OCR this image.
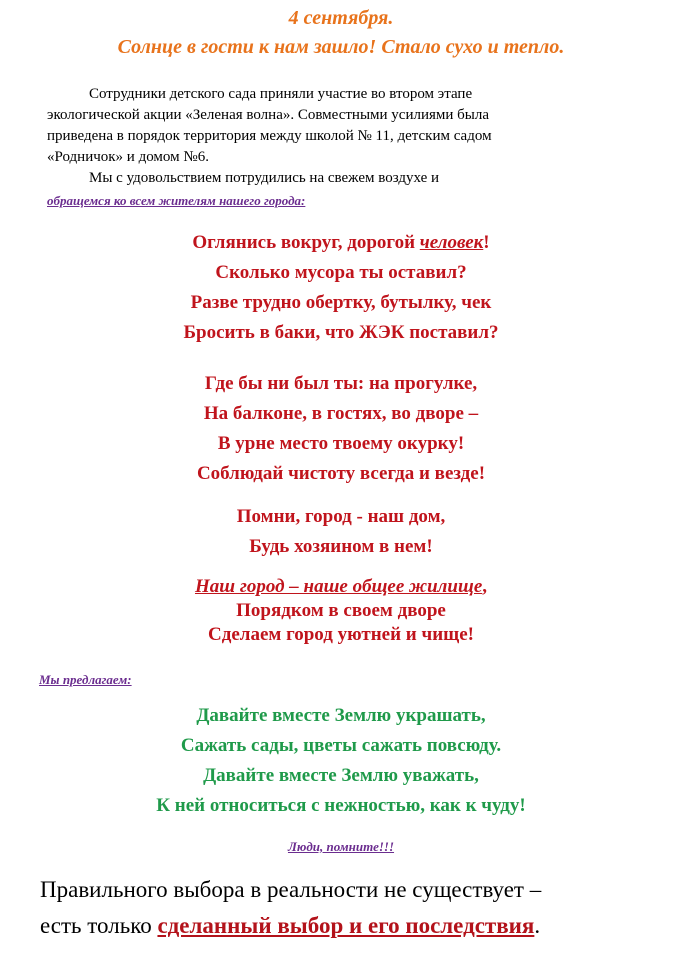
4 сентября.
Солнце в гости к нам зашло! Стало сухо и тепло.

Сотрудники детского сада приняли участие во втором этапе

экологической акции «Зеленая волна». Совместными усилиями была

приведена в порядок территория между школой № 11, детским садом

«Родничок» и домом №6.

Мы с удовольствием потрудились на свежем воздухе и

обращемся ко всем жителям нашего города:
Оглянись вокруг, дорогой человек!
Сколько мусора ты оставил?
Разве трудно обертку, бутылку, чек
Бросить в баки, что ЖЭК поставил?
Где бы ни был ты: на прогулке,
На балконе, в гостях, во дворе –
В урне место твоему окурку!
Соблюдай чистоту всегда и везде!
Помни, город - наш дом,
Будь хозяином в нем!
Наш город – наше общее жилище,
Порядком в своем дворе
Сделаем город уютней и чище!
Мы предлагаем:
Давайте вместе Землю украшать,
Сажать сады, цветы сажать повсюду.
Давайте вместе Землю уважать,
К ней относиться с нежностью, как к чуду!
Люди, помните!!!
Правильного выбора в реальности не существует –
есть только сделанный выбор и его последствия.
